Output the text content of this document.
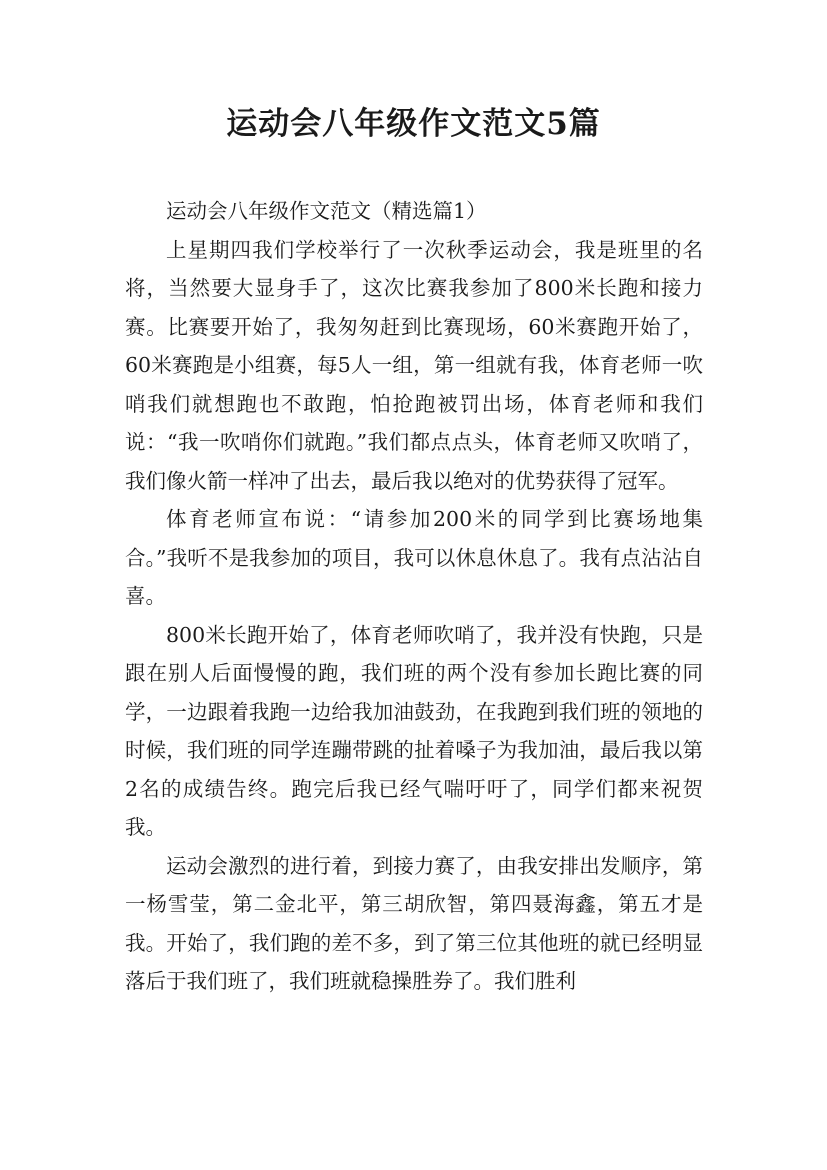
运动会八年级作文范文5篇

运动会八年级作文范文（精选篇1）

上星期四我们学校举行了一次秋季运动会，我是班里的名将，当然要大显身手了，这次比赛我参加了800米长跑和接力赛。比赛要开始了，我匆匆赶到比赛现场，60米赛跑开始了，60米赛跑是小组赛，每5人一组，第一组就有我，体育老师一吹哨我们就想跑也不敢跑，怕抢跑被罚出场，体育老师和我们说：“我一吹哨你们就跑。”我们都点点头，体育老师又吹哨了，我们像火箭一样冲了出去，最后我以绝对的优势获得了冠军。

体育老师宣布说：“请参加200米的同学到比赛场地集合。”我听不是我参加的项目，我可以休息休息了。我有点沾沾自喜。

800米长跑开始了，体育老师吹哨了，我并没有快跑，只是跟在别人后面慢慢的跑，我们班的两个没有参加长跑比赛的同学，一边跟着我跑一边给我加油鼓劲，在我跑到我们班的领地的时候，我们班的同学连蹦带跳的扯着嗓子为我加油，最后我以第2名的成绩告终。跑完后我已经气喘吁吁了，同学们都来祝贺我。

运动会激烈的进行着，到接力赛了，由我安排出发顺序，第一杨雪莹，第二金北平，第三胡欣智，第四聂海鑫，第五才是我。开始了，我们跑的差不多，到了第三位其他班的就已经明显落后于我们班了，我们班就稳操胜券了。我们胜利
